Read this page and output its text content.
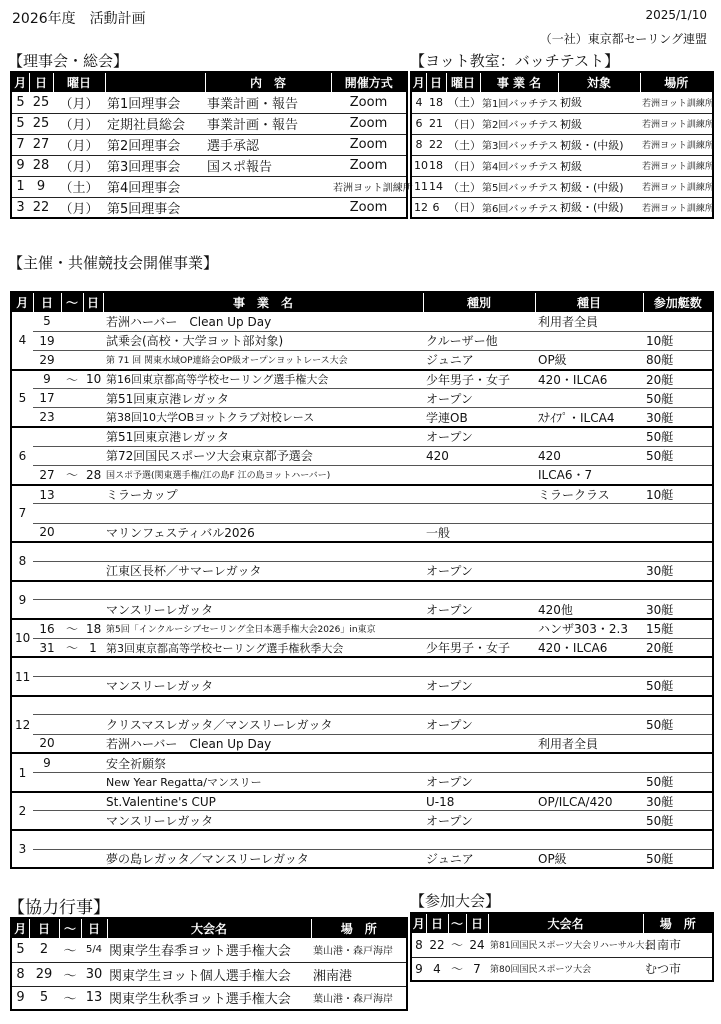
2026年度　活動計画	2025/1/10
（一社）東京都セーリング連盟
【理事会・総会】
月	日	曜日		内　容	開催方式
5	25	（月）	第1回理事会	事業計画・報告	Zoom
5	25	（月）	定期社員総会	事業計画・報告	Zoom
7	27	（月）	第2回理事会	選手承認	Zoom
9	28	（月）	第3回理事会	国スポ報告	Zoom
1	9	（土）	第4回理事会		若洲ヨット訓練所
3	22	（月）	第5回理事会		Zoom
【ヨット教室：バッチテスト】
月	日	曜日	事 業 名	対象	場所
4	18	（土）	第1回バッチテスト	初級	若洲ヨット訓練所
6	21	（日）	第2回バッチテスト	初級	若洲ヨット訓練所
8	22	（土）	第3回バッチテスト	初級・(中級)	若洲ヨット訓練所
10	18	（日）	第4回バッチテスト	初級	若洲ヨット訓練所
11	14	（土）	第5回バッチテスト	初級・(中級)	若洲ヨット訓練所
12	6	（日）	第6回バッチテスト	初級・(中級)	若洲ヨット訓練所
【主催・共催競技会開催事業】
月	日	～	日	事　業　名	種別	種目	参加艇数
4	5			若洲ハーバー　Clean Up Day		利用者全員	
	19			試乗会(高校・大学ヨット部対象)	クルーザー他		10艇
	29			第 71 回 関東水域OP連絡会OP級オープンヨットレース大会	ジュニア	OP級	80艇
5	9	～	10	第16回東京都高等学校セーリング選手権大会	少年男子・女子	420・ILCA6	20艇
	17			第51回東京港レガッタ	オープン		50艇
	23			第38回10大学OBヨットクラブ対校レース	学連OB	ｽﾅｲﾌﾟ・ILCA4	30艇
6				第51回東京港レガッタ	オープン		50艇
				第72回国民スポーツ大会東京都予選会	420	420	50艇
	27	～	28	国スポ予選(関東選手権/江の島F 江の島ヨットハーバー)		ILCA6・7	
7	13			ミラーカップ		ミラークラス	10艇

	20			マリンフェスティバル2026	一般		
8							
				江東区長杯／サマーレガッタ	オープン		30艇
9							
				マンスリーレガッタ	オープン	420他	30艇
10	16	～	18	第5回「インクルーシブセーリング全日本選手権大会2026」in東京		ハンザ303・2.3	15艇
	31	～	1	第3回東京都高等学校セーリング選手権秋季大会	少年男子・女子	420・ILCA6	20艇
11							
				マンスリーレガッタ	オープン		50艇
12							
				クリスマスレガッタ／マンスリーレガッタ	オープン		50艇
	20			若洲ハーバー　Clean Up Day		利用者全員	
1	9			安全祈願祭			
				New Year Regatta/マンスリー	オープン		50艇
2				St.Valentine's CUP	U-18	OP/ILCA/420	30艇
				マンスリーレガッタ	オープン		50艇
3							
				夢の島レガッタ／マンスリーレガッタ	ジュニア	OP級	50艇
【協力行事】
月	日	～	日	大会名	場　所
5	2	～	5/4	関東学生春季ヨット選手権大会	葉山港・森戸海岸
8	29	～	30	関東学生ヨット個人選手権大会	湘南港
9	5	～	13	関東学生秋季ヨット選手権大会	葉山港・森戸海岸
【参加大会】
月	日	～	日	大会名	場　所
8	22	～	24	第81回国民スポーツ大会リハーサル大会	日南市
9	4	～	7	第80回国民スポーツ大会	むつ市
